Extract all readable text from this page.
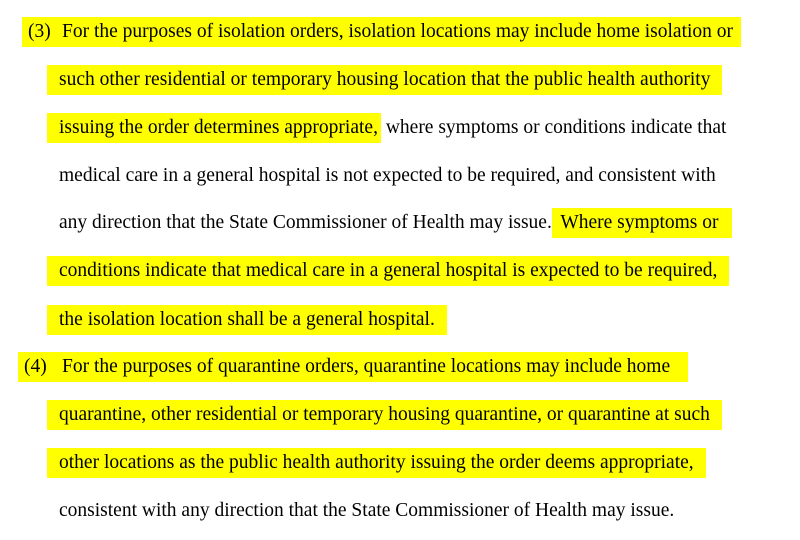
(3) For the purposes of isolation orders, isolation locations may include home isolation or
such other residential or temporary housing location that the public health authority
issuing the order determines appropriate, where symptoms or conditions indicate that
medical care in a general hospital is not expected to be required, and consistent with
any direction that the State Commissioner of Health may issue. Where symptoms or
conditions indicate that medical care in a general hospital is expected to be required,
the isolation location shall be a general hospital.
(4) For the purposes of quarantine orders, quarantine locations may include home
quarantine, other residential or temporary housing quarantine, or quarantine at such
other locations as the public health authority issuing the order deems appropriate,
consistent with any direction that the State Commissioner of Health may issue.
